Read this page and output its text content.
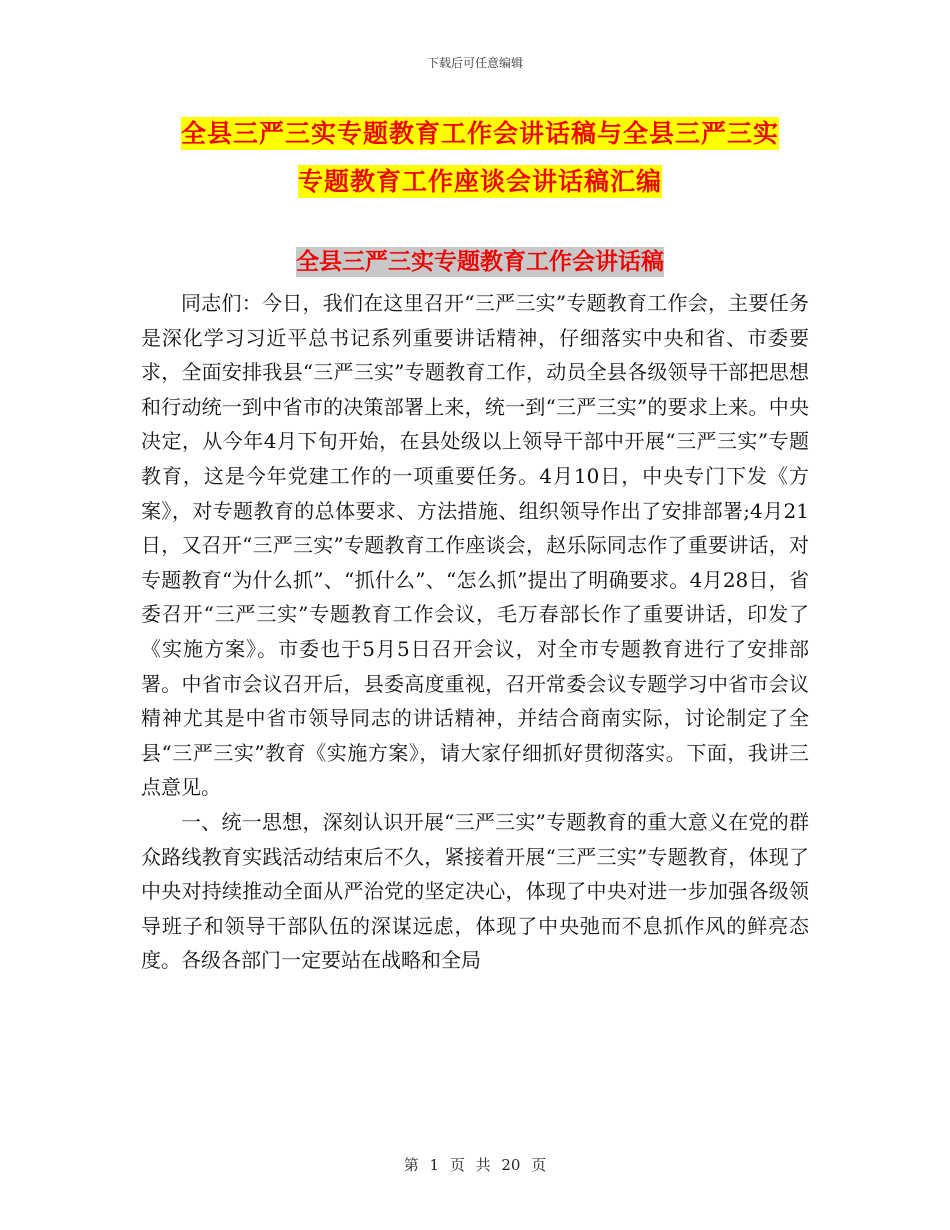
下载后可任意编辑
全县三严三实专题教育工作会讲话稿与全县三严三实
专题教育工作座谈会讲话稿汇编
全县三严三实专题教育工作会讲话稿

同志们：今日，我们在这里召开“三严三实”专题教育工作会，主要任务是深化学习习近平总书记系列重要讲话精神，仔细落实中央和省、市委要求，全面安排我县“三严三实”专题教育工作，动员全县各级领导干部把思想和行动统一到中省市的决策部署上来，统一到“三严三实”的要求上来。中央决定，从今年4月下旬开始，在县处级以上领导干部中开展“三严三实”专题教育，这是今年党建工作的一项重要任务。4月10日，中央专门下发《方案》，对专题教育的总体要求、方法措施、组织领导作出了安排部署;4月21日，又召开“三严三实”专题教育工作座谈会，赵乐际同志作了重要讲话，对专题教育“为什么抓”、“抓什么”、“怎么抓”提出了明确要求。4月28日，省委召开“三严三实”专题教育工作会议，毛万春部长作了重要讲话，印发了《实施方案》。市委也于5月5日召开会议，对全市专题教育进行了安排部署。中省市会议召开后，县委高度重视，召开常委会议专题学习中省市会议精神尤其是中省市领导同志的讲话精神，并结合商南实际，讨论制定了全县“三严三实”教育《实施方案》，请大家仔细抓好贯彻落实。下面，我讲三点意见。

一、统一思想，深刻认识开展“三严三实”专题教育的重大意义在党的群众路线教育实践活动结束后不久，紧接着开展“三严三实”专题教育，体现了中央对持续推动全面从严治党的坚定决心，体现了中央对进一步加强各级领导班子和领导干部队伍的深谋远虑，体现了中央弛而不息抓作风的鲜亮态度。各级各部门一定要站在战略和全局

第 1 页 共 20 页
